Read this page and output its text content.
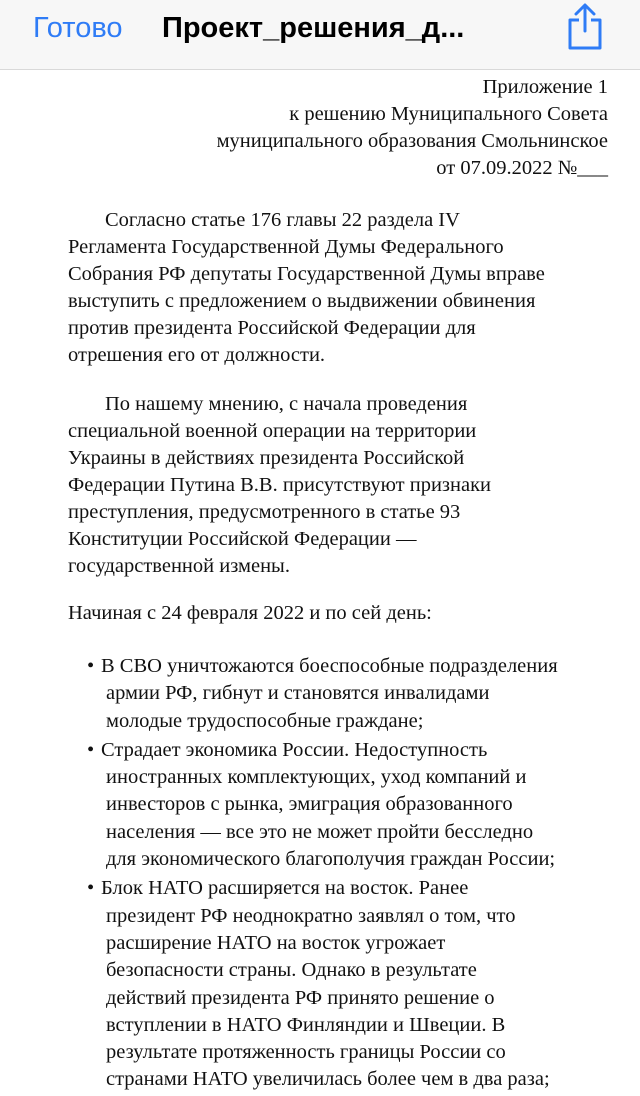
Готово Проект_решения_д...
Приложение 1
к решению Муниципального Совета
муниципального образования Смольнинское
от 07.09.2022 №___
Согласно статье 176 главы 22 раздела IV
Регламента Государственной Думы Федерального
Собрания РФ депутаты Государственной Думы вправе
выступить с предложением о выдвижении обвинения
против президента Российской Федерации для
отрешения его от должности.
По нашему мнению, с начала проведения
специальной военной операции на территории
Украины в действиях президента Российской
Федерации Путина В.В. присутствуют признаки
преступления, предусмотренного в статье 93
Конституции Российской Федерации —
государственной измены.
Начиная с 24 февраля 2022 и по сей день:
• В СВО уничтожаются боеспособные подразделения
армии РФ, гибнут и становятся инвалидами
молодые трудоспособные граждане;
• Страдает экономика России. Недоступность
иностранных комплектующих, уход компаний и
инвесторов с рынка, эмиграция образованного
населения — все это не может пройти бесследно
для экономического благополучия граждан России;
• Блок НАТО расширяется на восток. Ранее
президент РФ неоднократно заявлял о том, что
расширение НАТО на восток угрожает
безопасности страны. Однако в результате
действий президента РФ принято решение о
вступлении в НАТО Финляндии и Швеции. В
результате протяженность границы России со
странами НАТО увеличилась более чем в два раза;
